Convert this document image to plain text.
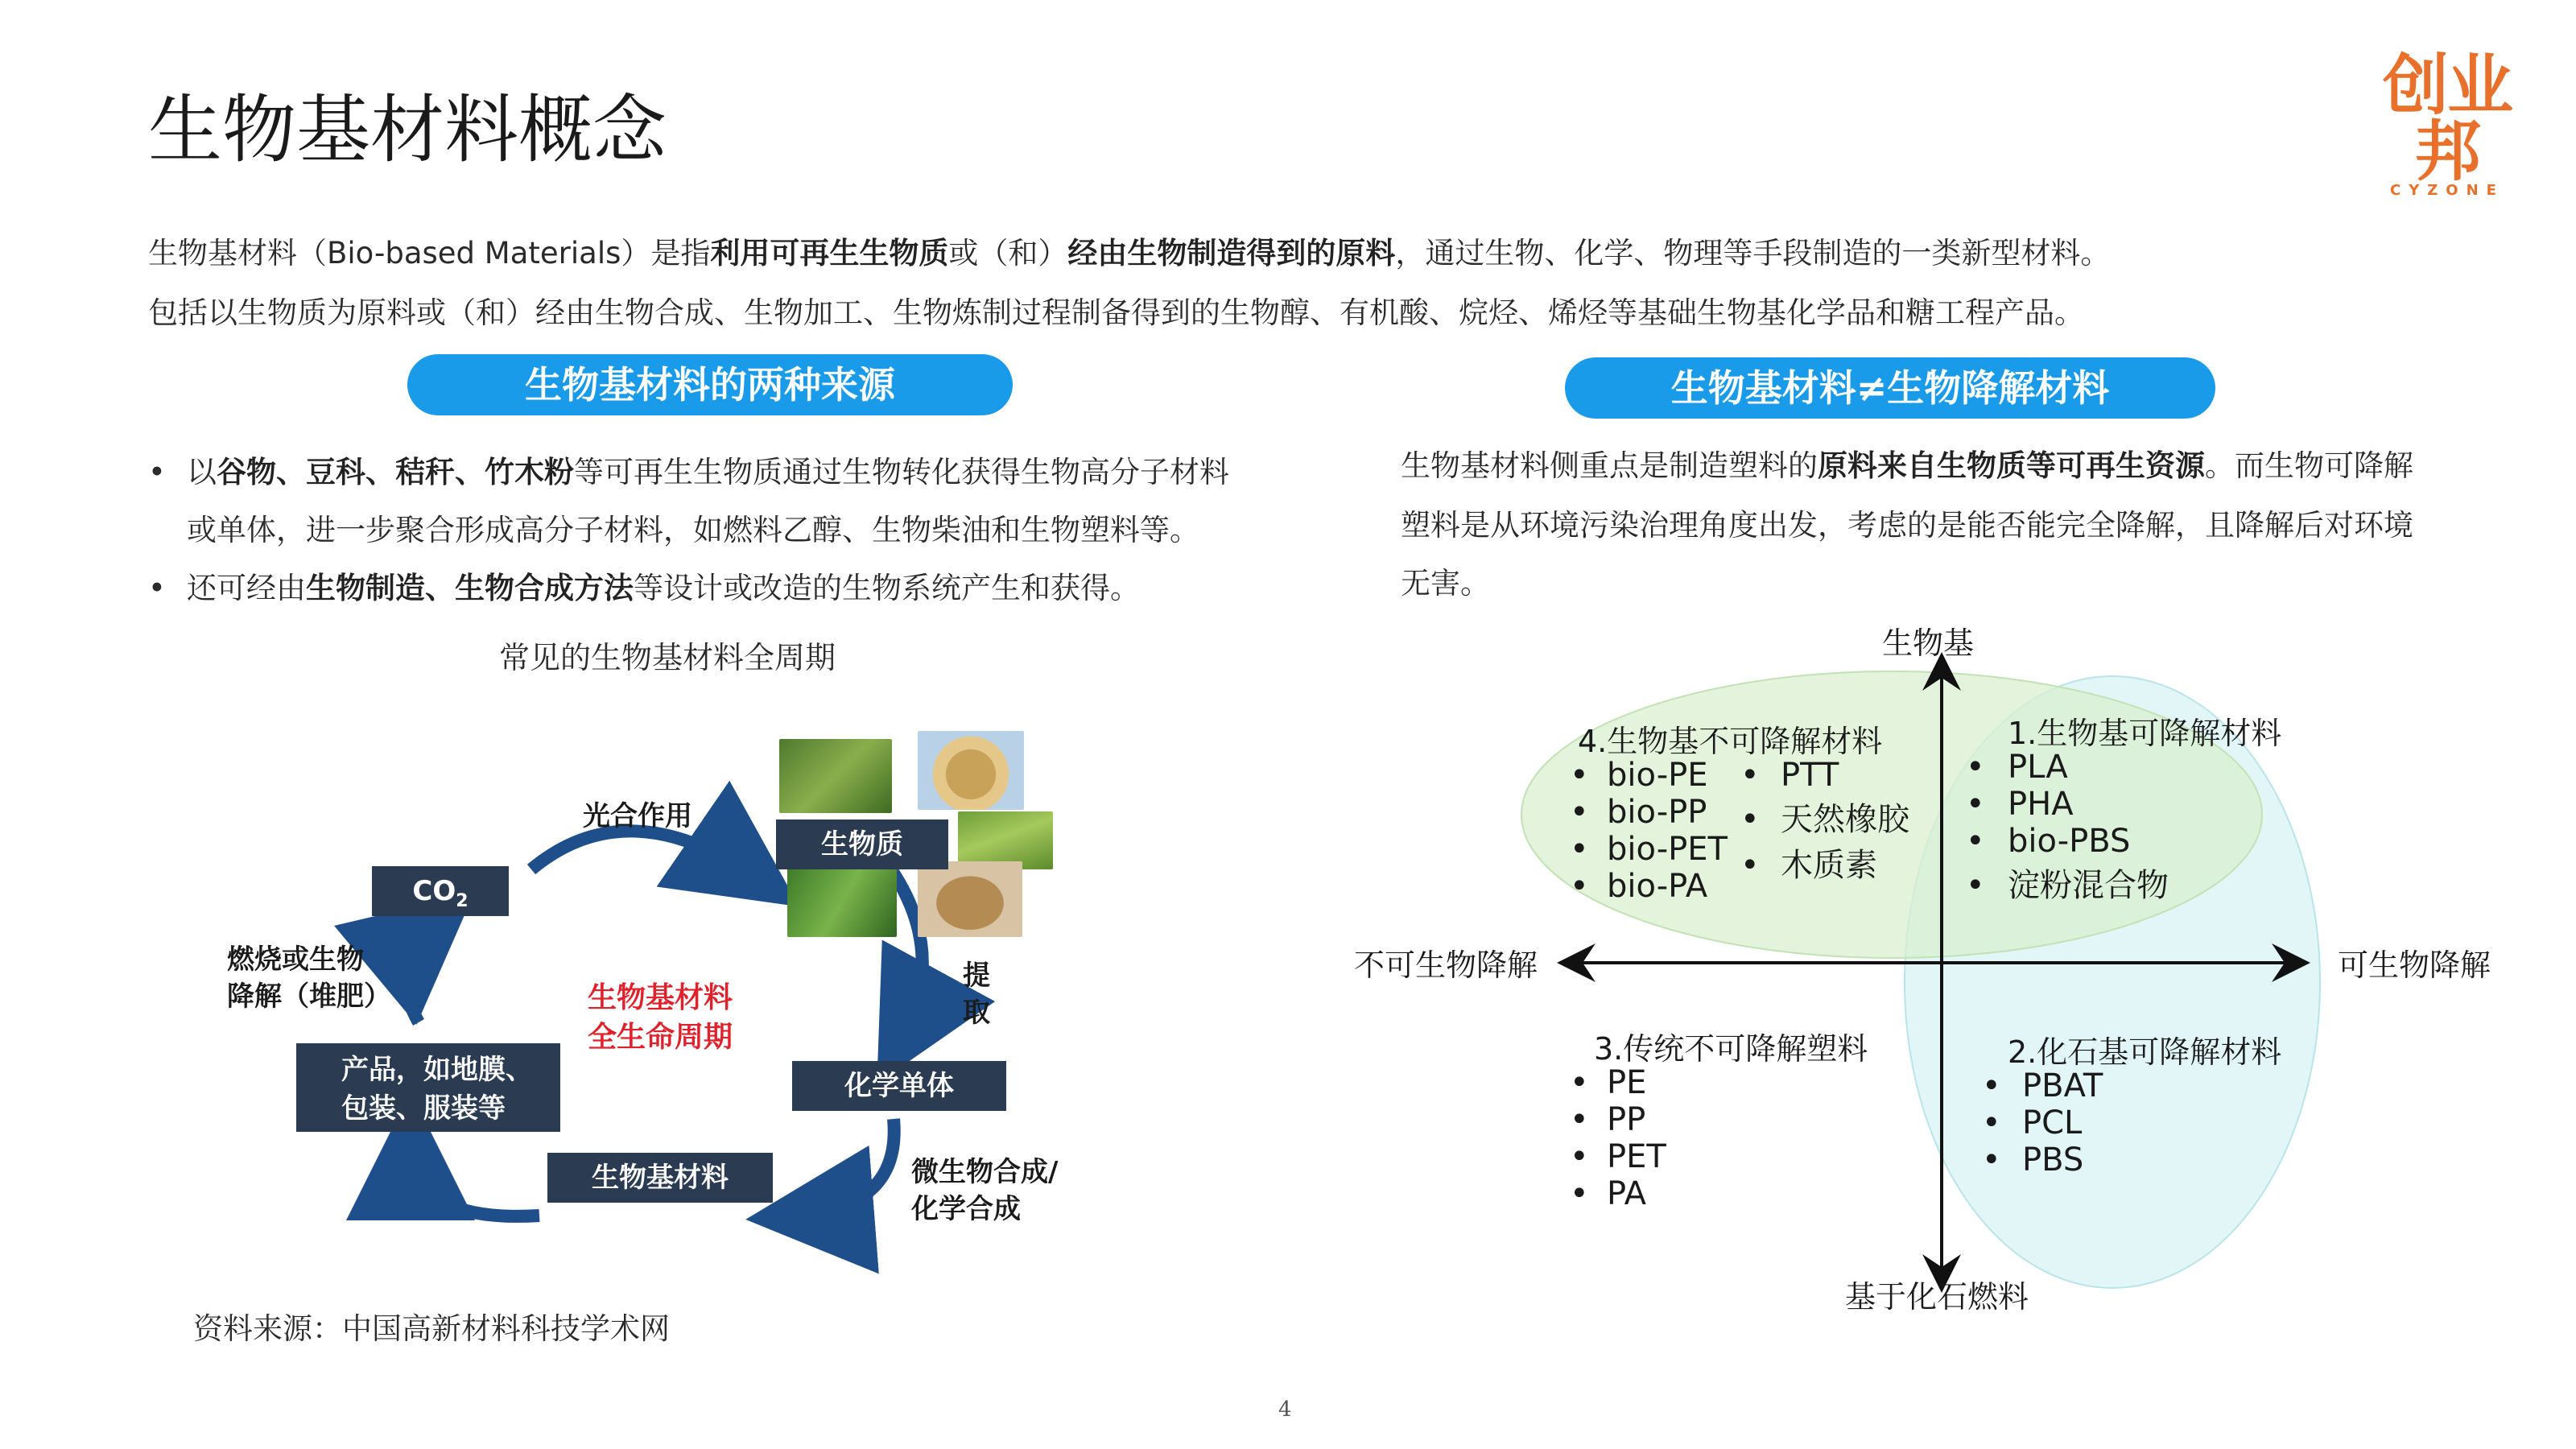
生物基材料概念
创业邦
CYZONE
生物基材料（Bio-based Materials）是指利用可再生生物质或（和）经由生物制造得到的原料，通过生物、化学、物理等手段制造的一类新型材料。
包括以生物质为原料或（和）经由生物合成、生物加工、生物炼制过程制备得到的生物醇、有机酸、烷烃、烯烃等基础生物基化学品和糖工程产品。
生物基材料的两种来源	生物基材料≠生物降解材料
• 以谷物、豆科、秸秆、竹木粉等可再生生物质通过生物转化获得生物高分子材料
或单体，进一步聚合形成高分子材料，如燃料乙醇、生物柴油和生物塑料等。
• 还可经由生物制造、生物合成方法等设计或改造的生物系统产生和获得。
常见的生物基材料全周期
光合作用
生物质
$CO_2$
燃烧或生物
降解（堆肥）	生物基材料
全生命周期
提
取
产品，如地膜、
包装、服装等
化学单体
生物基材料	微生物合成/
化学合成
资料来源：中国高新材料科技学术网
4
生物基材料侧重点是制造塑料的原料来自生物质等可再生资源。而生物可降解
塑料是从环境污染治理角度出发，考虑的是能否能完全降解，且降解后对环境
无害。
生物基
基于化石燃料
不可生物降解	可生物降解
4.生物基不可降解材料
• bio-PE
• bio-PP
• bio-PET
• bio-PA
• PTT
• 天然橡胶
• 木质素
1.生物基可降解材料
• PLA
• PHA
• bio-PBS
• 淀粉混合物
3.传统不可降解塑料
• PE
• PP
• PET
• PA
2.化石基可降解材料
• PBAT
• PCL
• PBS
